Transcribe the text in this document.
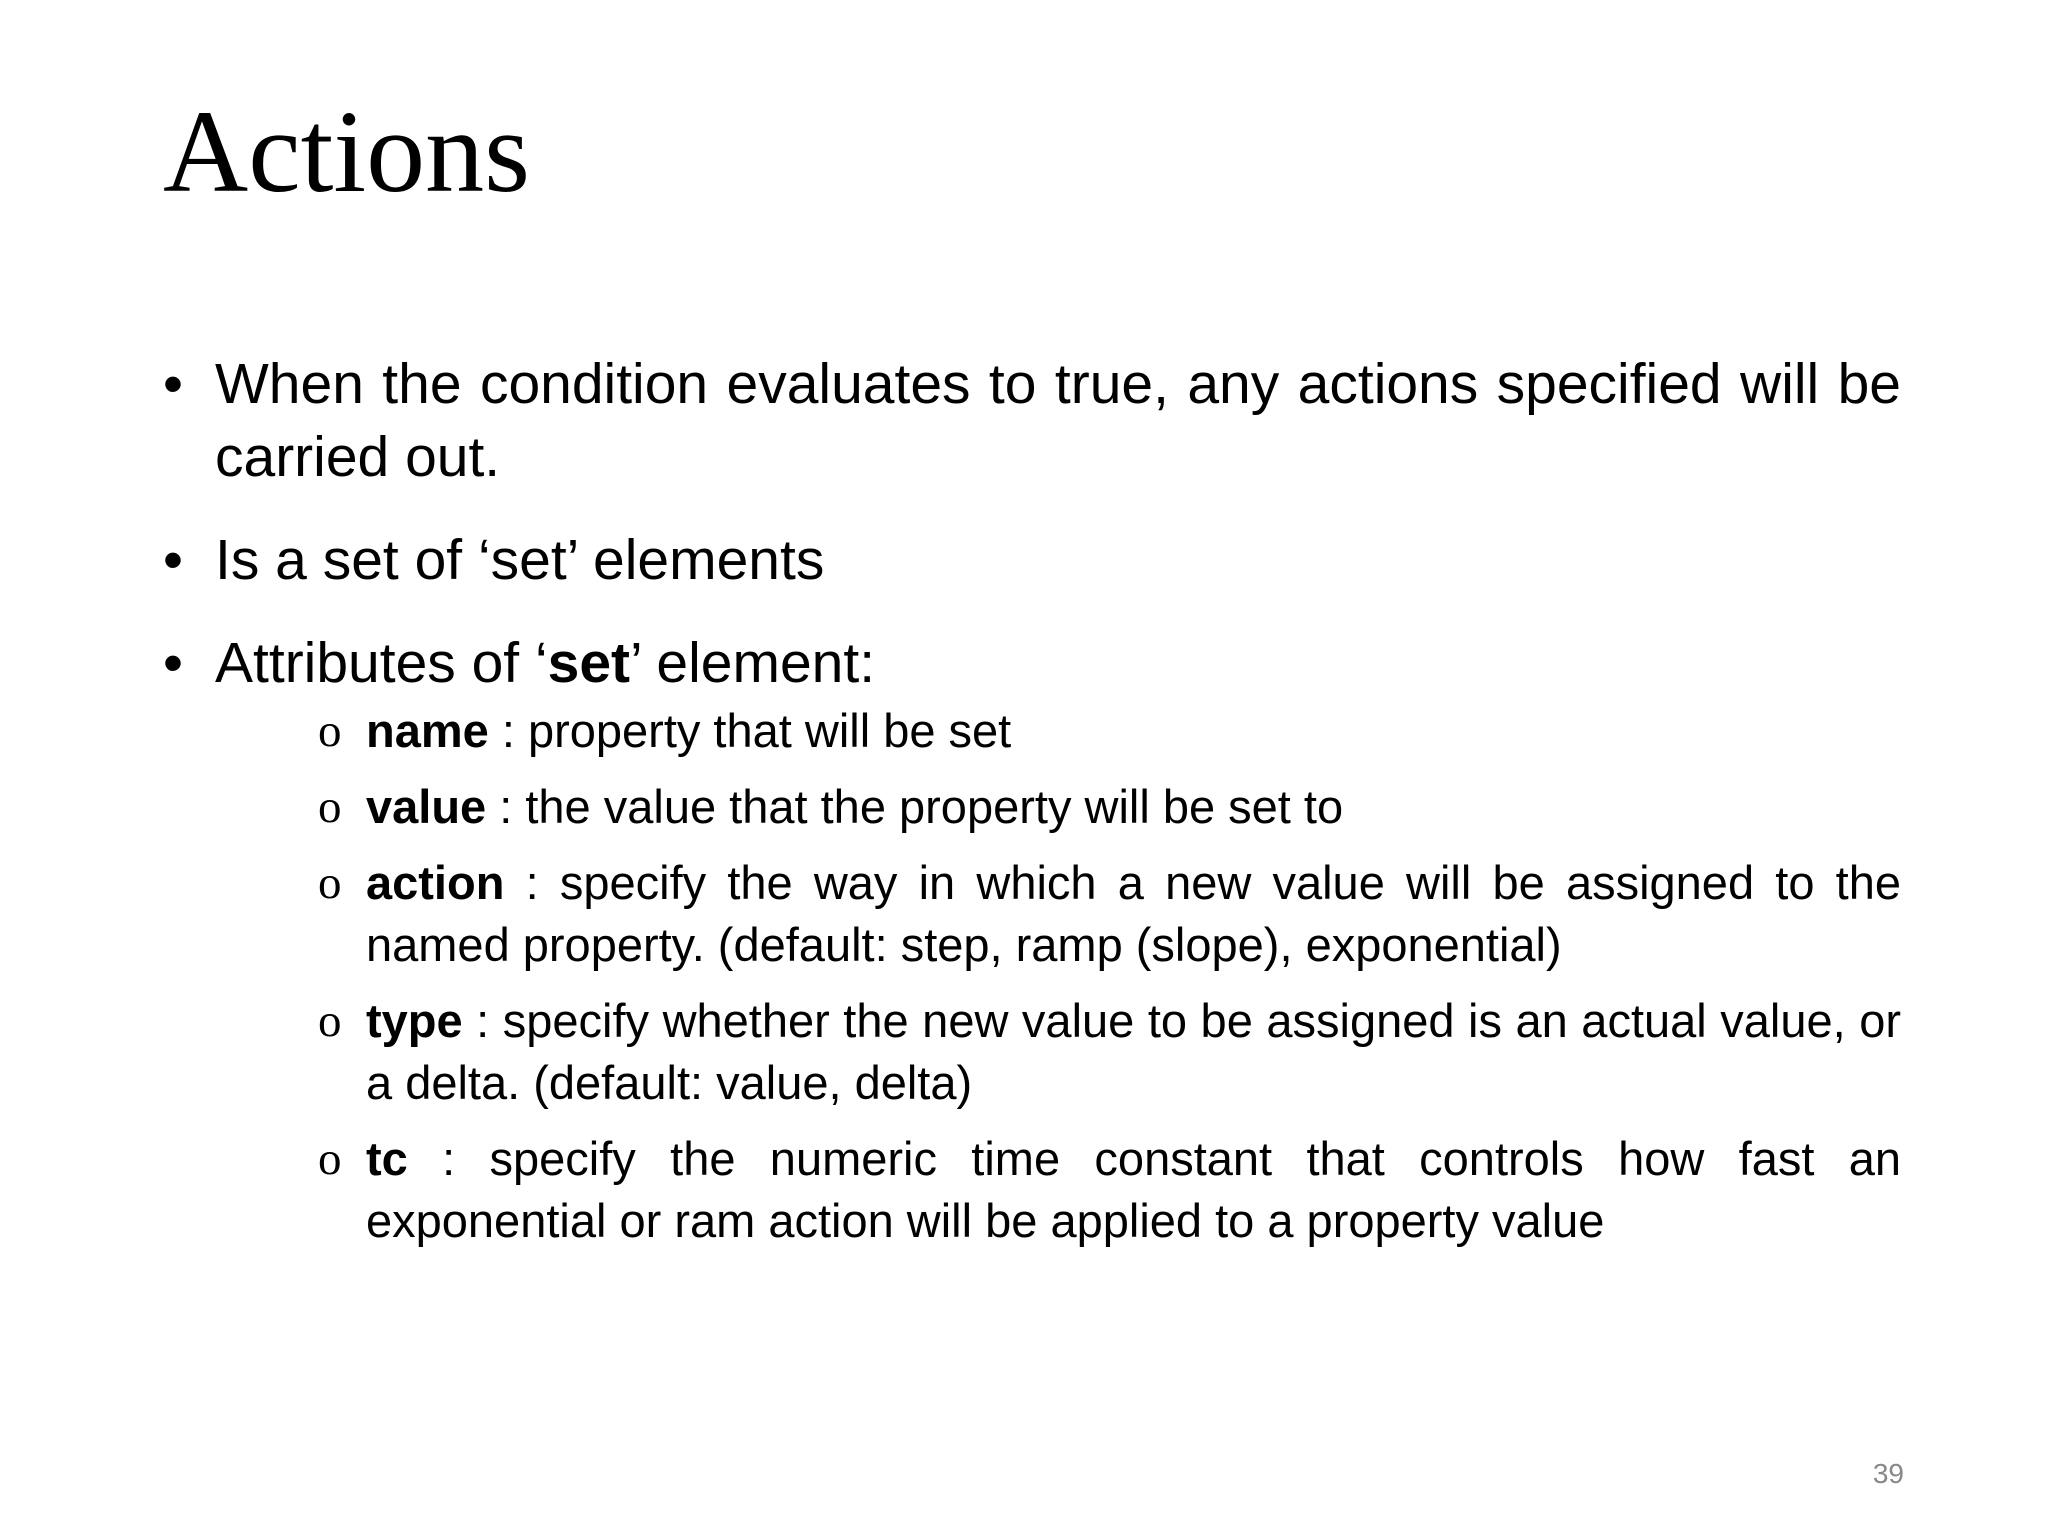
Actions
• When the condition evaluates to true, any actions specified will be carried out.
• Is a set of ‘set’ elements
• Attributes of ‘set’ element:
o name : property that will be set
o value : the value that the property will be set to
o action : specify the way in which a new value will be assigned to the named property. (default: step, ramp (slope), exponential)
o type : specify whether the new value to be assigned is an actual value, or a delta. (default: value, delta)
o tc : specify the numeric time constant that controls how fast an exponential or ram action will be applied to a property value
39
